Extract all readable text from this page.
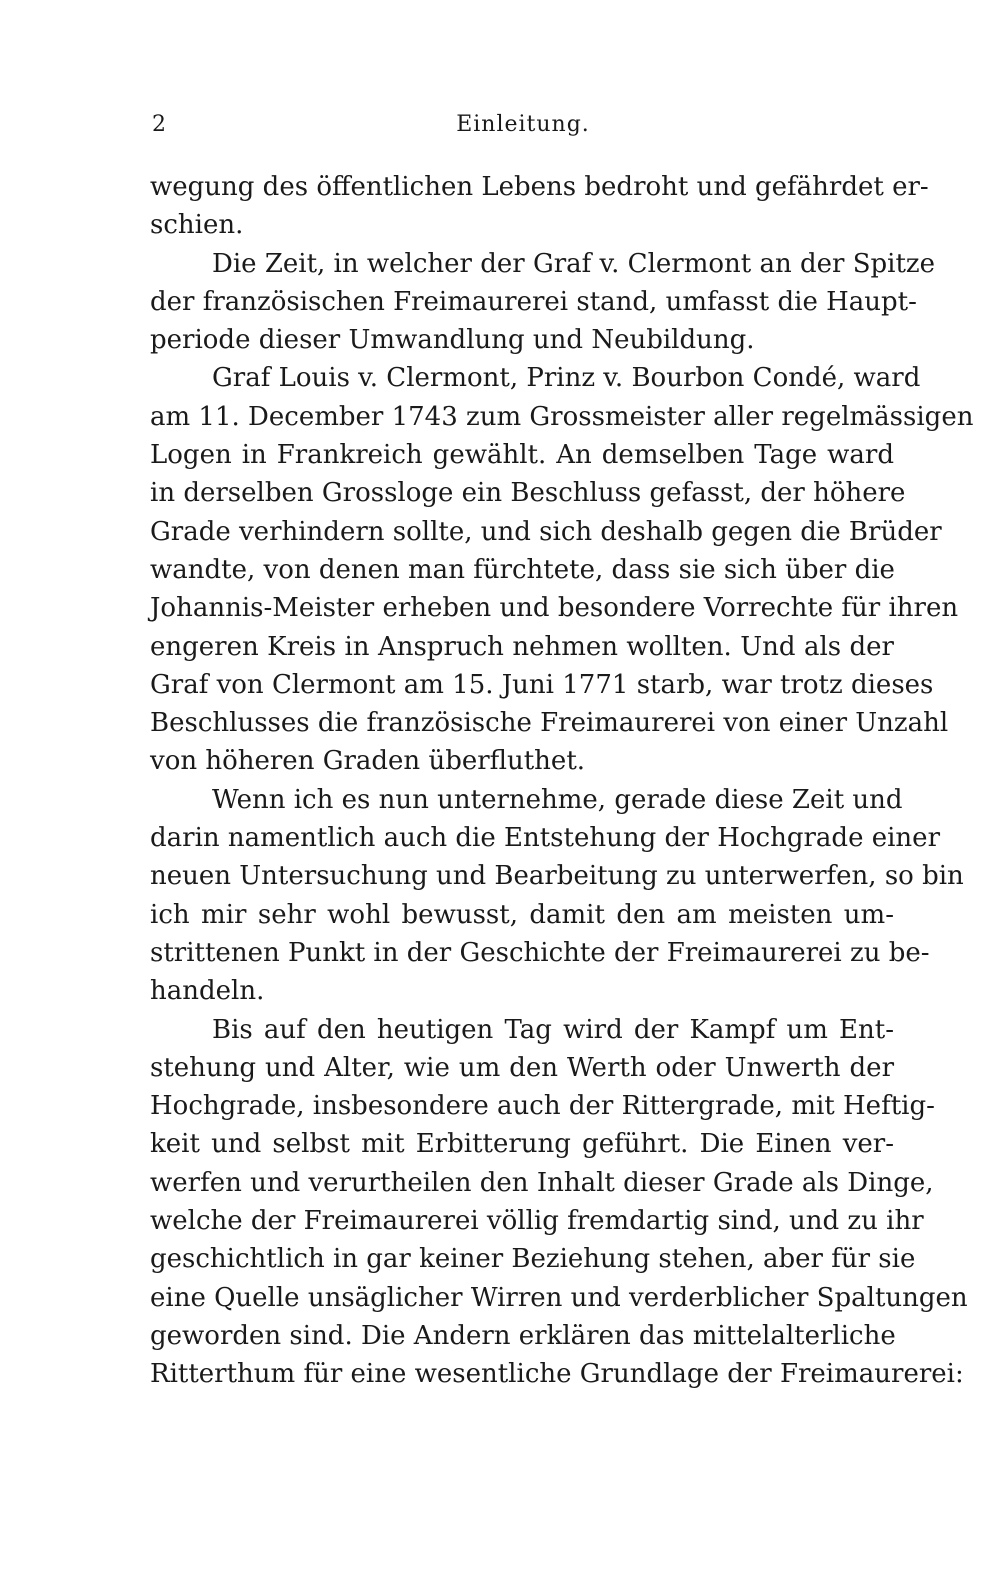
2	Einleitung.
wegung des öffentlichen Lebens bedroht und gefährdet er-
schien.
Die Zeit, in welcher der Graf v. Clermont an der Spitze
der französischen Freimaurerei stand, umfasst die Haupt-
periode dieser Umwandlung und Neubildung.
Graf Louis v. Clermont, Prinz v. Bourbon Condé, ward
am 11. December 1743 zum Grossmeister aller regelmässigen
Logen in Frankreich gewählt. An demselben Tage ward
in derselben Grossloge ein Beschluss gefasst, der höhere
Grade verhindern sollte, und sich deshalb gegen die Brüder
wandte, von denen man fürchtete, dass sie sich über die
Johannis-Meister erheben und besondere Vorrechte für ihren
engeren Kreis in Anspruch nehmen wollten. Und als der
Graf von Clermont am 15. Juni 1771 starb, war trotz dieses
Beschlusses die französische Freimaurerei von einer Unzahl
von höheren Graden überfluthet.
Wenn ich es nun unternehme, gerade diese Zeit und
darin namentlich auch die Entstehung der Hochgrade einer
neuen Untersuchung und Bearbeitung zu unterwerfen, so bin
ich mir sehr wohl bewusst, damit den am meisten um-
strittenen Punkt in der Geschichte der Freimaurerei zu be-
handeln.
Bis auf den heutigen Tag wird der Kampf um Ent-
stehung und Alter, wie um den Werth oder Unwerth der
Hochgrade, insbesondere auch der Rittergrade, mit Heftig-
keit und selbst mit Erbitterung geführt. Die Einen ver-
werfen und verurtheilen den Inhalt dieser Grade als Dinge,
welche der Freimaurerei völlig fremdartig sind, und zu ihr
geschichtlich in gar keiner Beziehung stehen, aber für sie
eine Quelle unsäglicher Wirren und verderblicher Spaltungen
geworden sind. Die Andern erklären das mittelalterliche
Ritterthum für eine wesentliche Grundlage der Freimaurerei:
